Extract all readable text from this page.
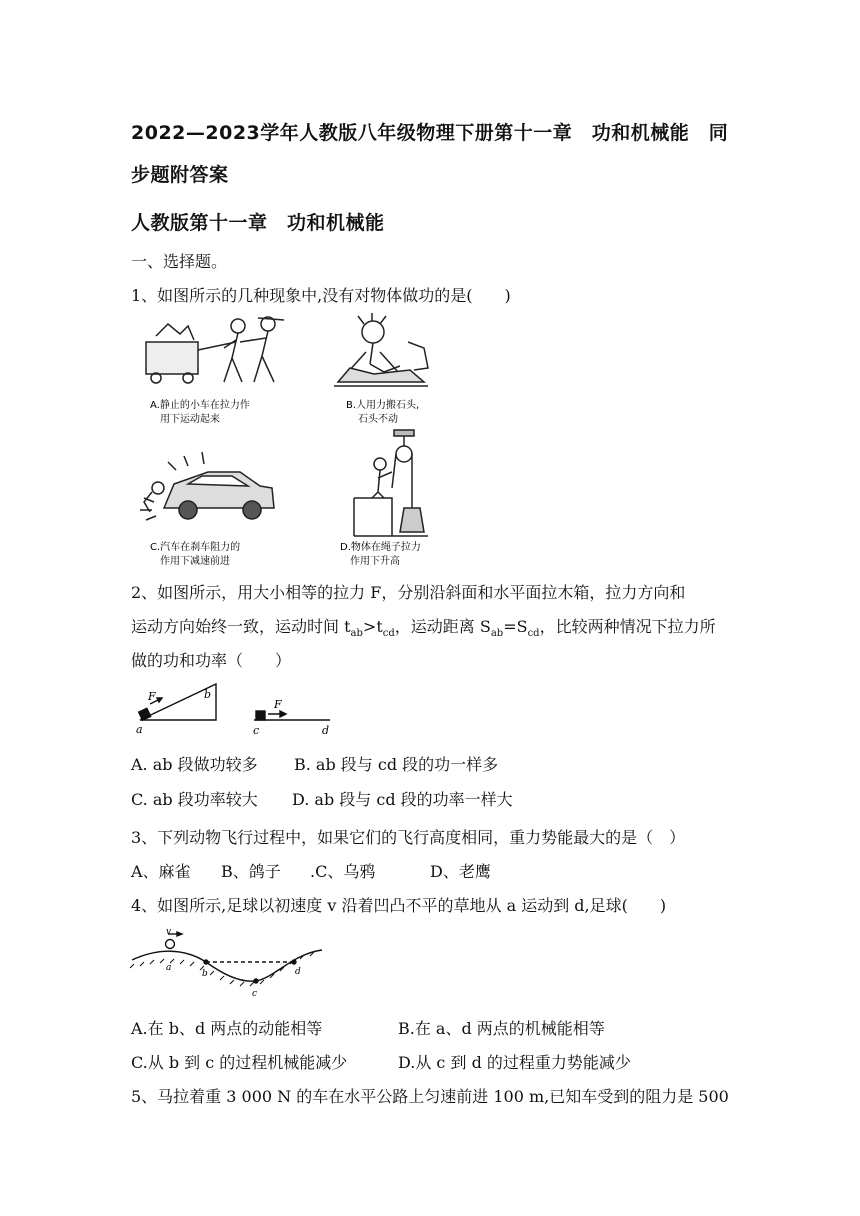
2022—2023学年人教版八年级物理下册第十一章　功和机械能　同
步题附答案
人教版第十一章　功和机械能
一、选择题。
1、如图所示的几种现象中,没有对物体做功的是(　　)
A.静止的小车在拉力作
用下运动起来
B.人用力搬石头,
石头不动
C.汽车在刹车阻力的
作用下减速前进
D.物体在绳子拉力
作用下升高
2、如图所示，用大小相等的拉力 F，分别沿斜面和水平面拉木箱，拉力方向和
运动方向始终一致，运动时间 $t_{ab}>t_{cd}$，运动距离 $S_{ab}=S_{cd}$，比较两种情况下拉力所
做的功和功率（　　）
F
a
b
F
c	d
A. ab 段做功较多 B. ab 段与 cd 段的功一样多
C. ab 段功率较大 D. ab 段与 cd 段的功率一样大
3、下列动物飞行过程中，如果它们的飞行高度相同，重力势能最大的是（　）
A、麻雀 B、鸽子 .C、乌鸦	D、老鹰
4、如图所示,足球以初速度 v 沿着凹凸不平的草地从 a 运动到 d,足球(　　)
v
a
b
c
d
A.在 b、d 两点的动能相等	B.在 a、d 两点的机械能相等
C.从 b 到 c 的过程机械能减少	D.从 c 到 d 的过程重力势能减少
5、马拉着重 3 000 N 的车在水平公路上匀速前进 100 m,已知车受到的阻力是 500
